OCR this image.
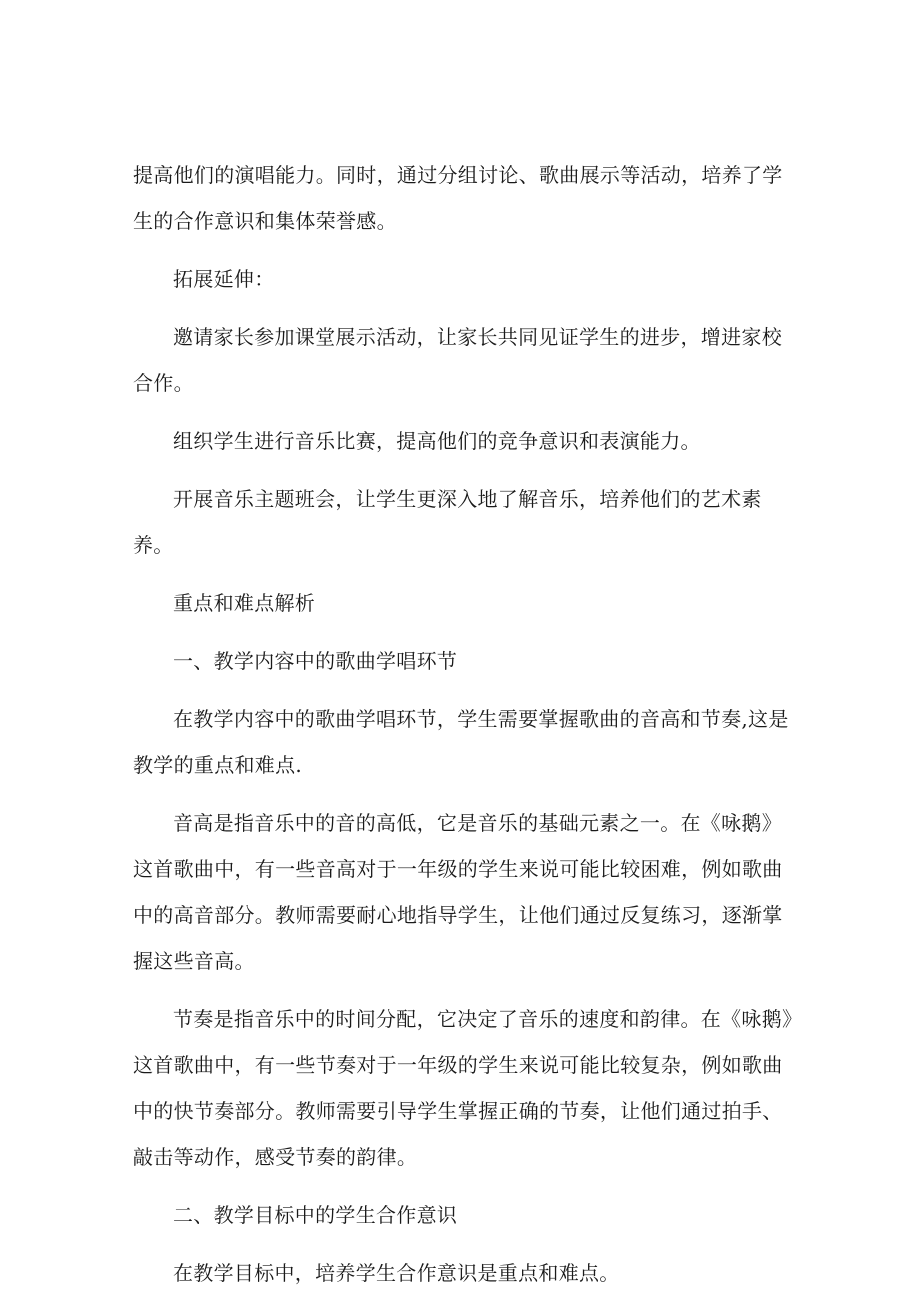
提高他们的演唱能力。同时，通过分组讨论、歌曲展示等活动，培养了学生的合作意识和集体荣誉感。

拓展延伸：

邀请家长参加课堂展示活动，让家长共同见证学生的进步，增进家校合作。

组织学生进行音乐比赛，提高他们的竞争意识和表演能力。

开展音乐主题班会，让学生更深入地了解音乐，培养他们的艺术素养。

重点和难点解析

一、教学内容中的歌曲学唱环节

在教学内容中的歌曲学唱环节，学生需要掌握歌曲的音高和节奏,这是教学的重点和难点.

音高是指音乐中的音的高低，它是音乐的基础元素之一。在《咏鹅》这首歌曲中，有一些音高对于一年级的学生来说可能比较困难，例如歌曲中的高音部分。教师需要耐心地指导学生，让他们通过反复练习，逐渐掌握这些音高。

节奏是指音乐中的时间分配，它决定了音乐的速度和韵律。在《咏鹅》这首歌曲中，有一些节奏对于一年级的学生来说可能比较复杂，例如歌曲中的快节奏部分。教师需要引导学生掌握正确的节奏，让他们通过拍手、敲击等动作，感受节奏的韵律。

二、教学目标中的学生合作意识

在教学目标中，培养学生合作意识是重点和难点。
